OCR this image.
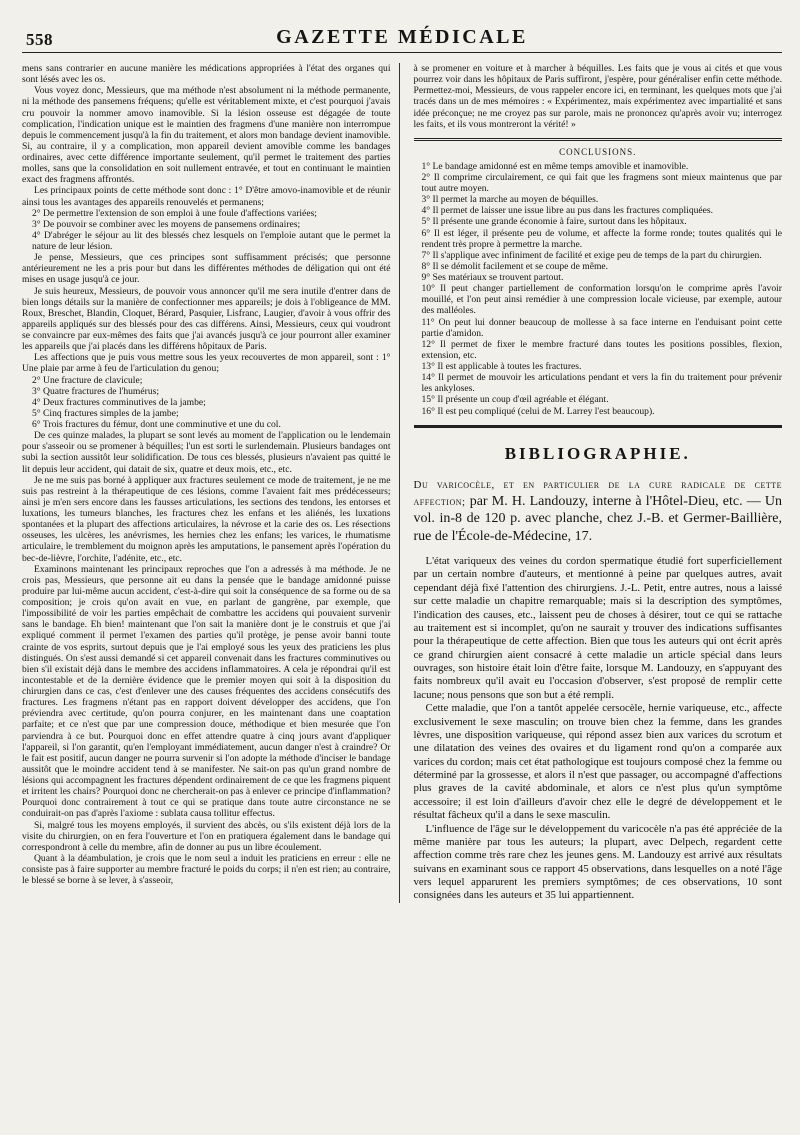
558	GAZETTE MÉDICALE

mens sans contrarier en aucune manière les médications appropriées à l'état des organes qui sont lésés avec les os.

Vous voyez donc, Messieurs, que ma méthode n'est absolument ni la méthode permanente, ni la méthode des pansemens fréquens; qu'elle est véritablement mixte, et c'est pourquoi j'avais cru pouvoir la nommer amovo inamovible. Si la lésion osseuse est dégagée de toute complication, l'indication unique est le maintien des fragmens d'une manière non interrompue depuis le commencement jusqu'à la fin du traitement, et alors mon bandage devient inamovible. Si, au contraire, il y a complication, mon appareil devient amovible comme les bandages ordinaires, avec cette différence importante seulement, qu'il permet le traitement des parties molles, sans que la consolidation en soit nullement entravée, et tout en continuant le maintien exact des fragmens affrontés.

Les principaux points de cette méthode sont donc : 1° D'être amovo-inamovible et de réunir ainsi tous les avantages des appareils renouvelés et permanens;

2° De permettre l'extension de son emploi à une foule d'affections variées;

3° De pouvoir se combiner avec les moyens de pansemens ordinaires;

4° D'abréger le séjour au lit des blessés chez lesquels on l'emploie autant que le permet la nature de leur lésion.

Je pense, Messieurs, que ces principes sont suffisamment précisés; que personne antérieurement ne les a pris pour but dans les différentes méthodes de déligation qui ont été mises en usage jusqu'à ce jour.

Je suis heureux, Messieurs, de pouvoir vous annoncer qu'il me sera inutile d'entrer dans de bien longs détails sur la manière de confectionner mes appareils; je dois à l'obligeance de MM. Roux, Breschet, Blandin, Cloquet, Bérard, Pasquier, Lisfranc, Laugier, d'avoir à vous offrir des appareils appliqués sur des blessés pour des cas différens. Ainsi, Messieurs, ceux qui voudront se convaincre par eux-mêmes des faits que j'ai avancés jusqu'à ce jour pourront aller examiner les appareils que j'ai placés dans les différens hôpitaux de Paris.

Les affections que je puis vous mettre sous les yeux recouvertes de mon appareil, sont : 1° Une plaie par arme à feu de l'articulation du genou;

2° Une fracture de clavicule;

3° Quatre fractures de l'humérus;

4° Deux fractures comminutives de la jambe;

5° Cinq fractures simples de la jambe;

6° Trois fractures du fémur, dont une comminutive et une du col.

De ces quinze malades, la plupart se sont levés au moment de l'application ou le lendemain pour s'asseoir ou se promener à béquilles; l'un est sorti le surlendemain. Plusieurs bandages ont subi la section aussitôt leur solidification. De tous ces blessés, plusieurs n'avaient pas quitté le lit depuis leur accident, qui datait de six, quatre et deux mois, etc., etc.

Je ne me suis pas borné à appliquer aux fractures seulement ce mode de traitement, je ne me suis pas restreint à la thérapeutique de ces lésions, comme l'avaient fait mes prédécesseurs; ainsi je m'en sers encore dans les fausses articulations, les sections des tendons, les entorses et luxations, les tumeurs blanches, les fractures chez les enfans et les aliénés, les luxations spontanées et la plupart des affections articulaires, la névrose et la carie des os. Les résections osseuses, les ulcères, les anévrismes, les hernies chez les enfans; les varices, le rhumatisme articulaire, le tremblement du moignon après les amputations, le pansement après l'opération du bec-de-lièvre, l'orchite, l'adénite, etc., etc.

Examinons maintenant les principaux reproches que l'on a adressés à ma méthode. Je ne crois pas, Messieurs, que personne ait eu dans la pensée que le bandage amidonné puisse produire par lui-même aucun accident, c'est-à-dire qui soit la conséquence de sa forme ou de sa composition; je crois qu'on avait en vue, en parlant de gangrène, par exemple, que l'impossibilité de voir les parties empêchait de combattre les accidens qui pouvaient survenir sans le bandage. Eh bien! maintenant que l'on sait la manière dont je le construis et que j'ai expliqué comment il permet l'examen des parties qu'il protège, je pense avoir banni toute crainte de vos esprits, surtout depuis que je l'ai employé sous les yeux des praticiens les plus distingués. On s'est aussi demandé si cet appareil convenait dans les fractures comminutives ou bien s'il existait déjà dans le membre des accidens inflammatoires. A cela je répondrai qu'il est incontestable et de la dernière évidence que le premier moyen qui soit à la disposition du chirurgien dans ce cas, c'est d'enlever une des causes fréquentes des accidens consécutifs des fractures. Les fragmens n'étant pas en rapport doivent développer des accidens, que l'on préviendra avec certitude, qu'on pourra conjurer, en les maintenant dans une coaptation parfaite; et ce n'est que par une compression douce, méthodique et bien mesurée que l'on parviendra à ce but. Pourquoi donc en effet attendre quatre à cinq jours avant d'appliquer l'appareil, si l'on garantit, qu'en l'employant immédiatement, aucun danger n'est à craindre? Or le fait est positif, aucun danger ne pourra survenir si l'on adopte la méthode d'inciser le bandage aussitôt que le moindre accident tend à se manifester. Ne sait-on pas qu'un grand nombre de lésions qui accompagnent les fractures dépendent ordinairement de ce que les fragmens piquent et irritent les chairs? Pourquoi donc ne chercherait-on pas à enlever ce principe d'inflammation? Pourquoi donc contrairement à tout ce qui se pratique dans toute autre circonstance ne se conduirait-on pas d'après l'axiome : sublata causa tollitur effectus.

Si, malgré tous les moyens employés, il survient des abcès, ou s'ils existent déjà lors de la visite du chirurgien, on en fera l'ouverture et l'on en pratiquera également dans le bandage qui correspondront à celle du membre, afin de donner au pus un libre écoulement.

Quant à la déambulation, je crois que le nom seul a induit les praticiens en erreur : elle ne consiste pas à faire supporter au membre fracturé le poids du corps; il n'en est rien; au contraire, le blessé se borne à se lever, à s'asseoir,

à se promener en voiture et à marcher à béquilles. Les faits que je vous ai cités et que vous pourrez voir dans les hôpitaux de Paris suffiront, j'espère, pour généraliser enfin cette méthode. Permettez-moi, Messieurs, de vous rappeler encore ici, en terminant, les quelques mots que j'ai tracés dans un de mes mémoires : « Expérimentez, mais expérimentez avec impartialité et sans idée préconçue; ne me croyez pas sur parole, mais ne prononcez qu'après avoir vu; interrogez les faits, et ils vous montreront la vérité! »

CONCLUSIONS.

1° Le bandage amidonné est en même temps amovible et inamovible.

2° Il comprime circulairement, ce qui fait que les fragmens sont mieux maintenus que par tout autre moyen.

3° Il permet la marche au moyen de béquilles.

4° Il permet de laisser une issue libre au pus dans les fractures compliquées.

5° Il présente une grande économie à faire, surtout dans les hôpitaux.

6° Il est léger, il présente peu de volume, et affecte la forme ronde; toutes qualités qui le rendent très propre à permettre la marche.

7° Il s'applique avec infiniment de facilité et exige peu de temps de la part du chirurgien.

8° Il se démolit facilement et se coupe de même.

9° Ses matériaux se trouvent partout.

10° Il peut changer partiellement de conformation lorsqu'on le comprime après l'avoir mouillé, et l'on peut ainsi remédier à une compression locale vicieuse, par exemple, autour des malléoles.

11° On peut lui donner beaucoup de mollesse à sa face interne en l'enduisant point cette partie d'amidon.

12° Il permet de fixer le membre fracturé dans toutes les positions possibles, flexion, extension, etc.

13° Il est applicable à toutes les fractures.

14° Il permet de mouvoir les articulations pendant et vers la fin du traitement pour prévenir les ankyloses.

15° Il présente un coup d'œil agréable et élégant.

16° Il est peu compliqué (celui de M. Larrey l'est beaucoup).

BIBLIOGRAPHIE.
Du varicocèle, et en particulier de la cure radicale de cette affection; par M. H. Landouzy, interne à l'Hôtel-Dieu, etc. — Un vol. in-8 de 120 p. avec planche, chez J.-B. et Germer-Baillière, rue de l'École-de-Médecine, 17.

L'état variqueux des veines du cordon spermatique étudié fort superficiellement par un certain nombre d'auteurs, et mentionné à peine par quelques autres, avait cependant déjà fixé l'attention des chirurgiens. J.-L. Petit, entre autres, nous a laissé sur cette maladie un chapitre remarquable; mais si la description des symptômes, l'indication des causes, etc., laissent peu de choses à désirer, tout ce qui se rattache au traitement est si incomplet, qu'on ne saurait y trouver des indications suffisantes pour la thérapeutique de cette affection. Bien que tous les auteurs qui ont écrit après ce grand chirurgien aient consacré à cette maladie un article spécial dans leurs ouvrages, son histoire était loin d'être faite, lorsque M. Landouzy, en s'appuyant des faits nombreux qu'il avait eu l'occasion d'observer, s'est proposé de remplir cette lacune; nous pensons que son but a été rempli.

Cette maladie, que l'on a tantôt appelée cersocèle, hernie variqueuse, etc., affecte exclusivement le sexe masculin; on trouve bien chez la femme, dans les grandes lèvres, une disposition variqueuse, qui répond assez bien aux varices du scrotum et une dilatation des veines des ovaires et du ligament rond qu'on a comparée aux varices du cordon; mais cet état pathologique est toujours composé chez la femme ou déterminé par la grossesse, et alors il n'est que passager, ou accompagné d'affections plus graves de la cavité abdominale, et alors ce n'est plus qu'un symptôme accessoire; il est loin d'ailleurs d'avoir chez elle le degré de développement et le résultat fâcheux qu'il a dans le sexe masculin.

L'influence de l'âge sur le développement du varicocèle n'a pas été appréciée de la même manière par tous les auteurs; la plupart, avec Delpech, regardent cette affection comme très rare chez les jeunes gens. M. Landouzy est arrivé aux résultats suivans en examinant sous ce rapport 45 observations, dans lesquelles on a noté l'âge vers lequel apparurent les premiers symptômes; de ces observations, 10 sont consignées dans les auteurs et 35 lui appartiennent.
